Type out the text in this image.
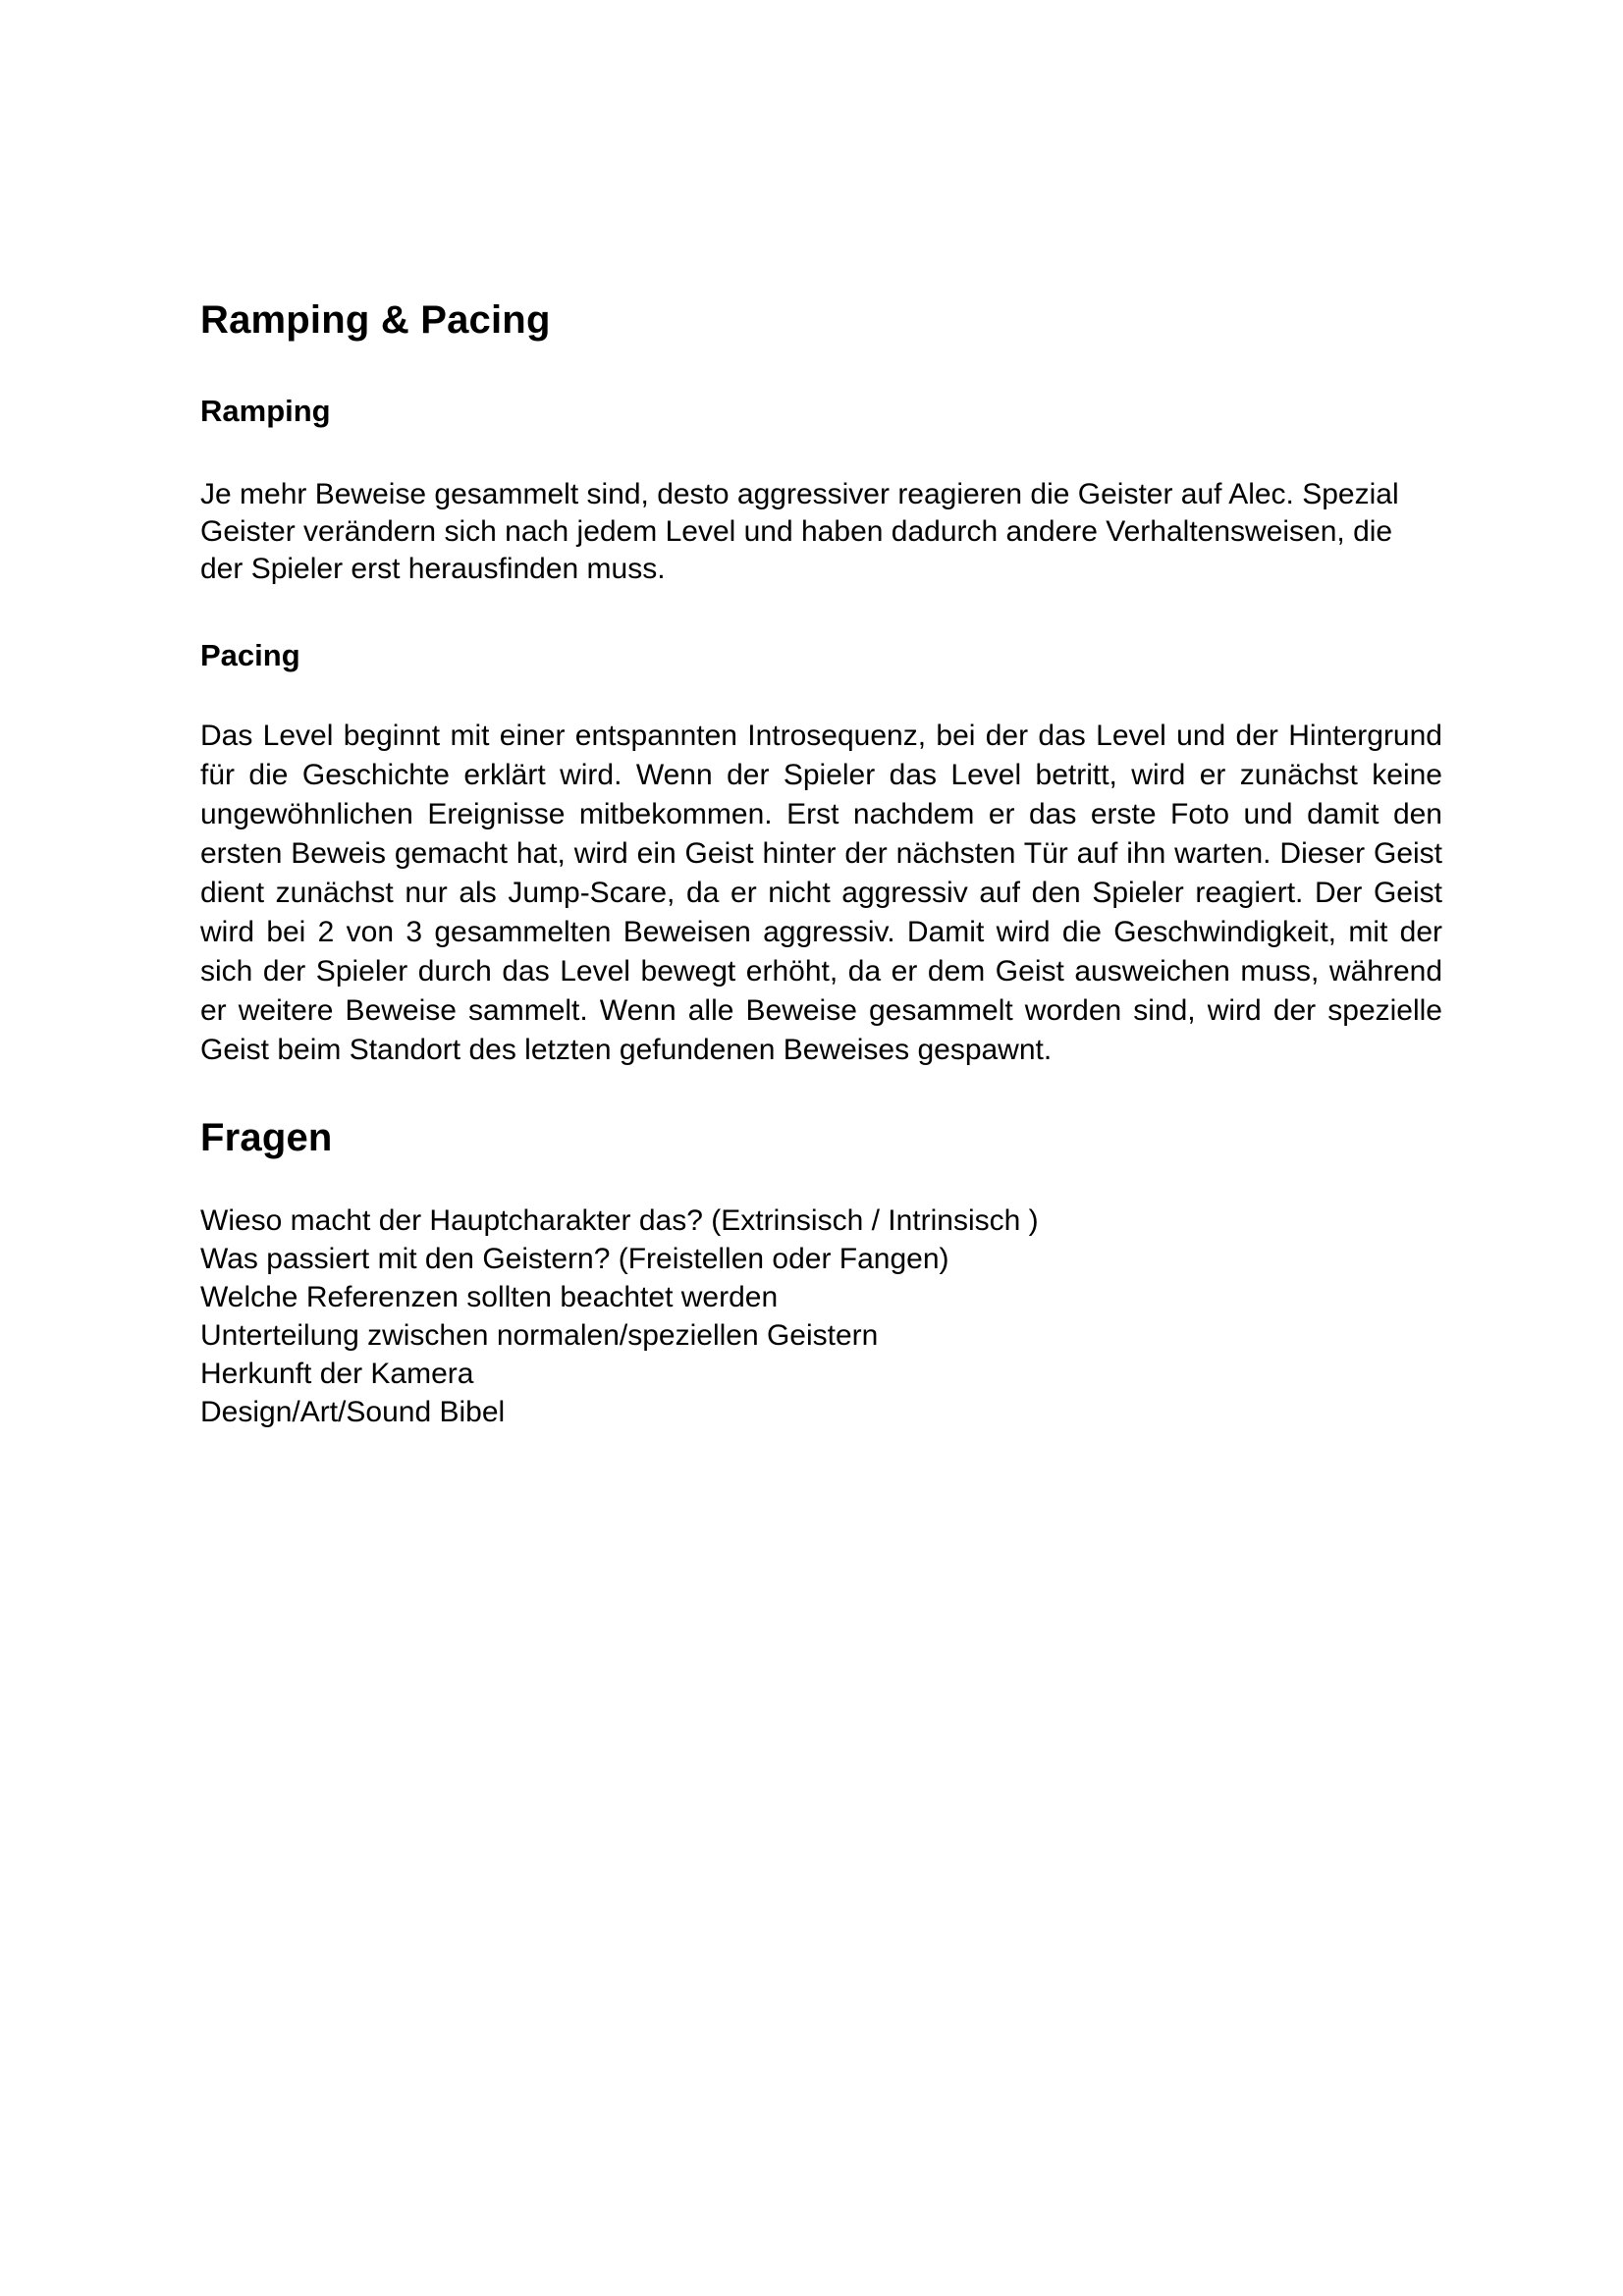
Ramping & Pacing
Ramping
Je mehr Beweise gesammelt sind, desto aggressiver reagieren die Geister auf Alec. Spezial Geister verändern sich nach jedem Level und haben dadurch andere Verhaltensweisen, die der Spieler erst herausfinden muss.
Pacing
Das Level beginnt mit einer entspannten Introsequenz, bei der das Level und der Hintergrund für die Geschichte erklärt wird. Wenn der Spieler das Level betritt, wird er zunächst keine ungewöhnlichen Ereignisse mitbekommen. Erst nachdem er das erste Foto und damit den ersten Beweis gemacht hat, wird ein Geist hinter der nächsten Tür auf ihn warten. Dieser Geist dient zunächst nur als Jump-Scare, da er nicht aggressiv auf den Spieler reagiert. Der Geist wird bei 2 von 3 gesammelten Beweisen aggressiv. Damit wird die Geschwindigkeit, mit der sich der Spieler durch das Level bewegt erhöht, da er dem Geist ausweichen muss, während er weitere Beweise sammelt. Wenn alle Beweise gesammelt worden sind, wird der spezielle Geist beim Standort des letzten gefundenen Beweises gespawnt.
Fragen
Wieso macht der Hauptcharakter das? (Extrinsisch / Intrinsisch )
Was passiert mit den Geistern? (Freistellen oder Fangen)
Welche Referenzen sollten beachtet werden
Unterteilung zwischen normalen/speziellen Geistern
Herkunft der Kamera
Design/Art/Sound Bibel
